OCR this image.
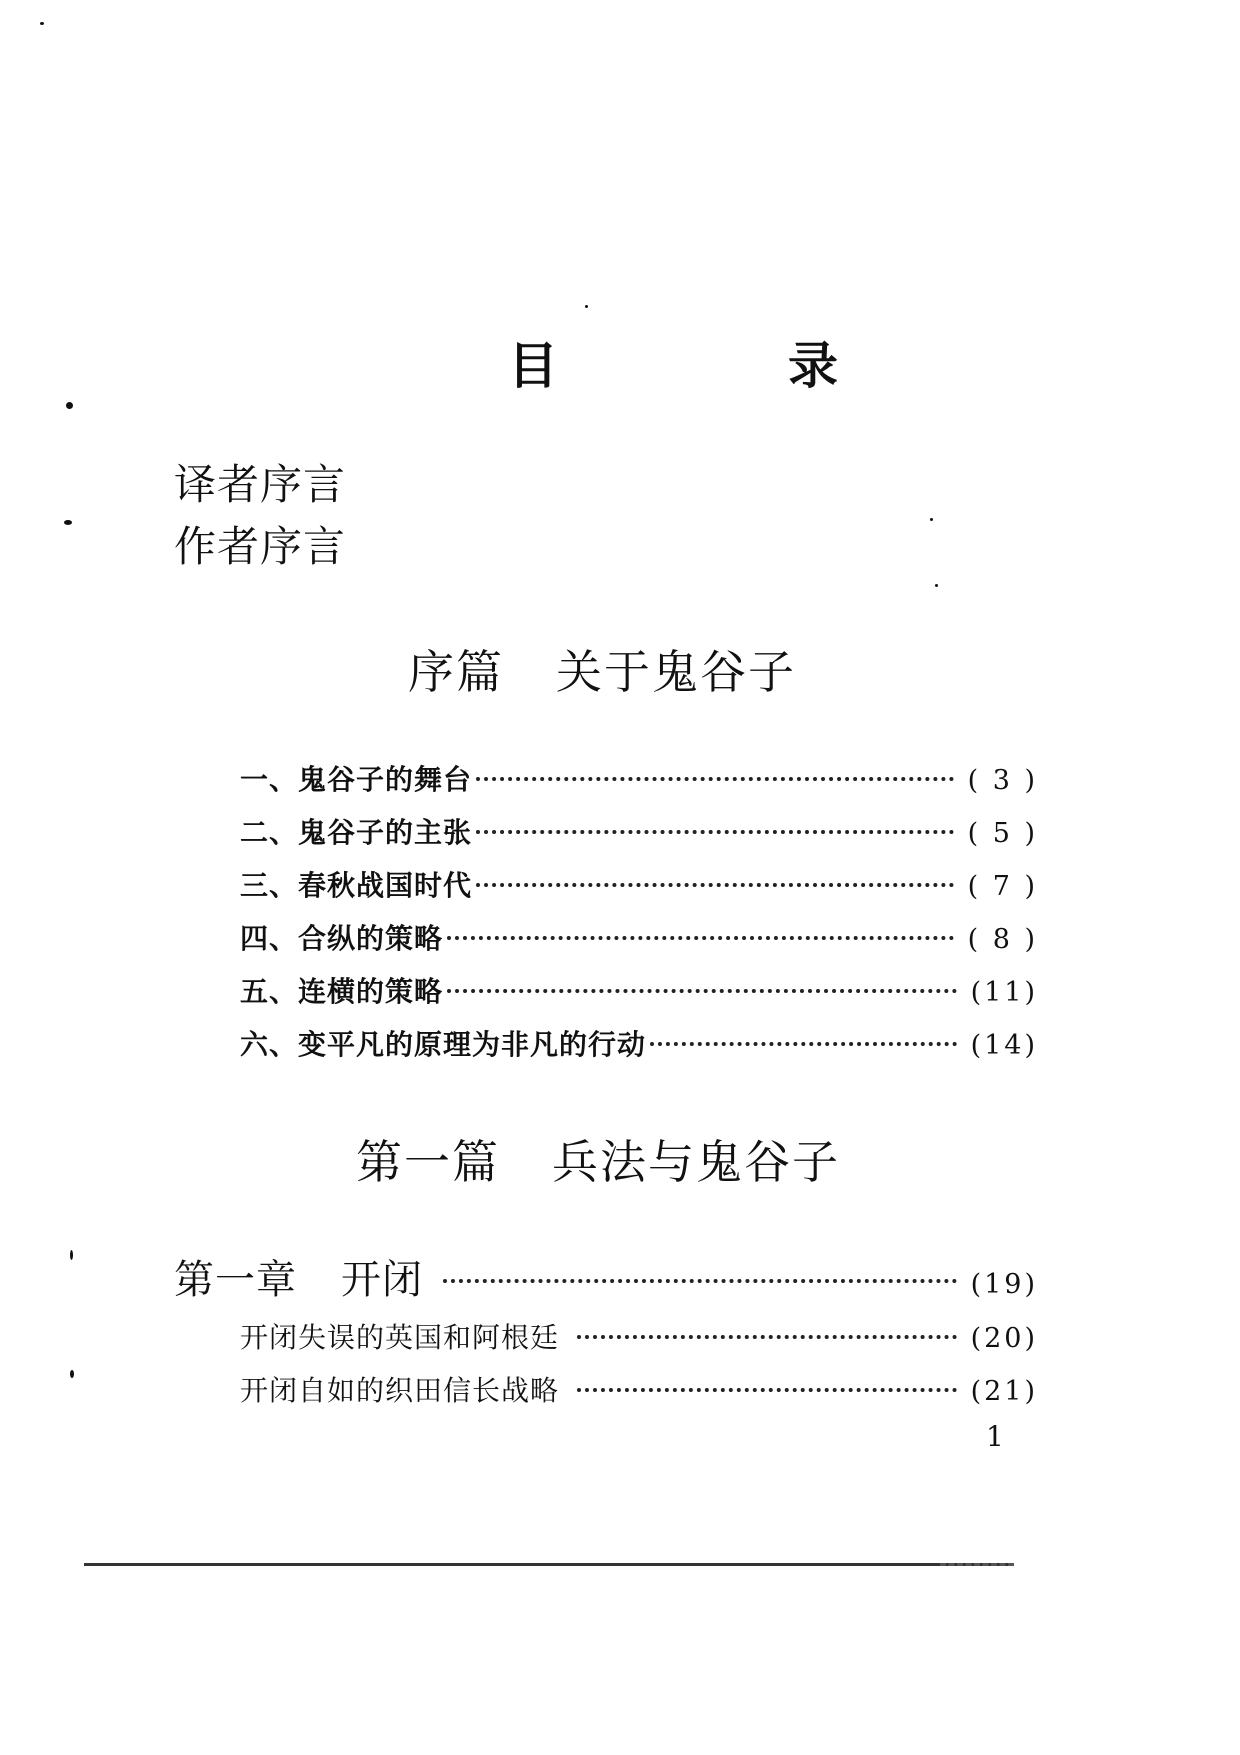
目　录
译者序言
作者序言
序篇 关于鬼谷子
一、鬼谷子的舞台	( 3 )
二、鬼谷子的主张	( 5 )
三、春秋战国时代	( 7 )
四、合纵的策略	( 8 )
五、连横的策略	(11)
六、变平凡的原理为非凡的行动	(14)
第一篇 兵法与鬼谷子
第一章 开闭	(19)
开闭失误的英国和阿根廷	(20)
开闭自如的织田信长战略	(21)
1
